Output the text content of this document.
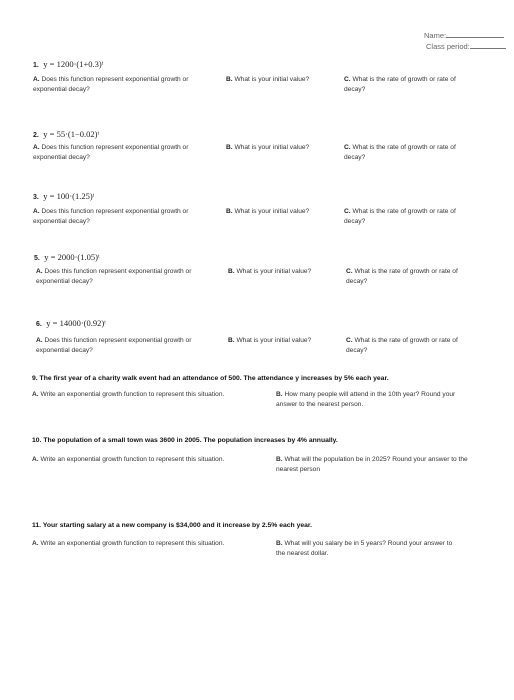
Name:
Class period:
1. y = 1200·(1+0.3)ᵗ
A. Does this function represent exponential growth or exponential decay?
B. What is your initial value?	C. What is the rate of growth or rate of decay?
2. y = 55·(1−0.02)ᵗ
A. Does this function represent exponential growth or exponential decay?
B. What is your initial value?	C. What is the rate of growth or rate of decay?
3. y = 100·(1.25)ᵗ
A. Does this function represent exponential growth or exponential decay?
B. What is your initial value?	C. What is the rate of growth or rate of decay?
5. y = 2000·(1.05)ᵗ
A. Does this function represent exponential growth or exponential decay?
B. What is your initial value?	C. What is the rate of growth or rate of decay?
6. y = 14000·(0.92)ᵗ
A. Does this function represent exponential growth or exponential decay?
B. What is your initial value?	C. What is the rate of growth or rate of decay?
9. The first year of a charity walk event had an attendance of 500. The attendance y increases by 5% each year.
A. Write an exponential growth function to represent this situation.	B. How many people will attend in the 10th year? Round your answer to the nearest person.
10. The population of a small town was 3600 in 2005. The population increases by 4% annually.
A. Write an exponential growth function to represent this situation.	B. What will the population be in 2025? Round your answer to the nearest person
11. Your starting salary at a new company is $34,000 and it increase by 2.5% each year.
A. Write an exponential growth function to represent this situation.	B. What will you salary be in 5 years? Round your answer to the nearest dollar.
